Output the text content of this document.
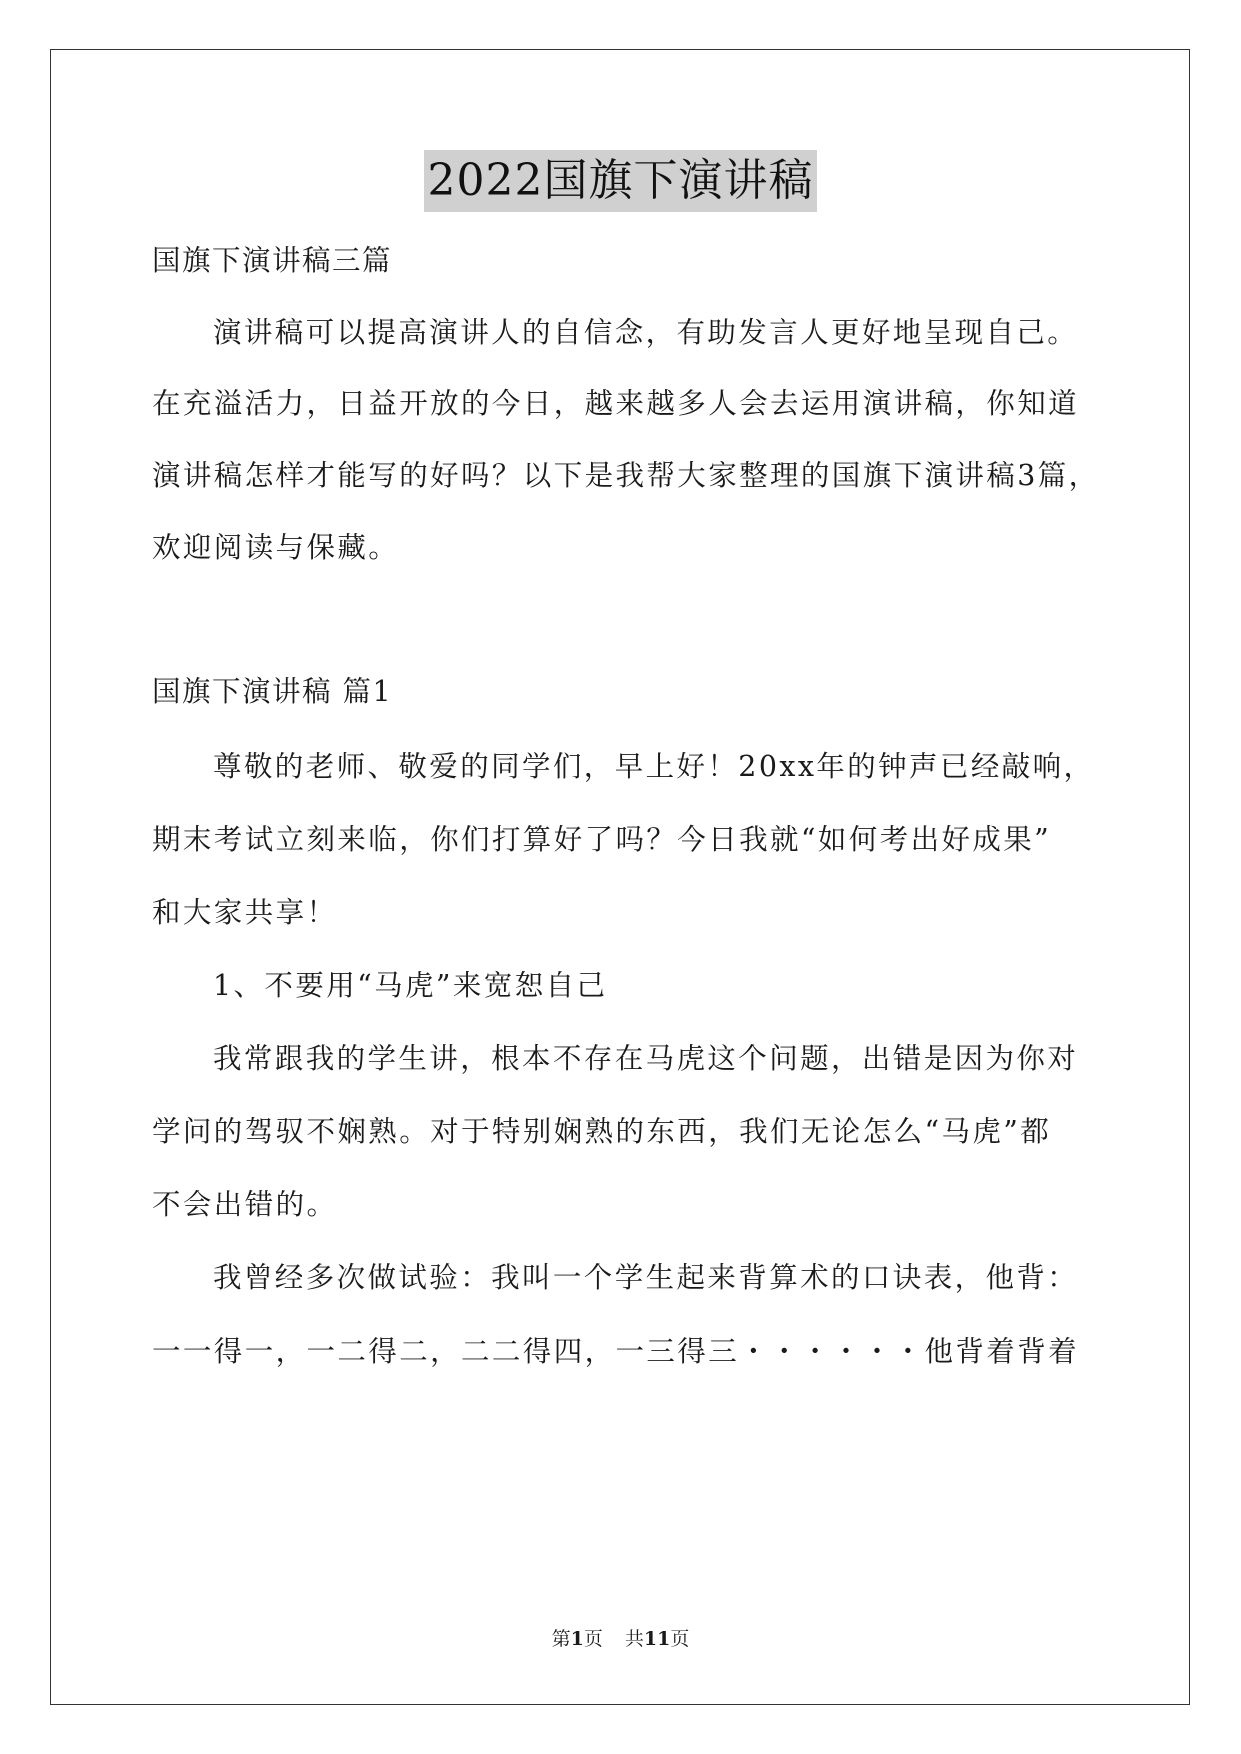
2022国旗下演讲稿
国旗下演讲稿三篇
演讲稿可以提高演讲人的自信念，有助发言人更好地呈现自己。
在充溢活力，日益开放的今日，越来越多人会去运用演讲稿，你知道
演讲稿怎样才能写的好吗？以下是我帮大家整理的国旗下演讲稿3篇，
欢迎阅读与保藏。
国旗下演讲稿 篇1
尊敬的老师、敬爱的同学们，早上好！20xx年的钟声已经敲响，
期末考试立刻来临，你们打算好了吗？今日我就“如何考出好成果”
和大家共享！
1、不要用“马虎”来宽恕自己
我常跟我的学生讲，根本不存在马虎这个问题，出错是因为你对
学问的驾驭不娴熟。对于特别娴熟的东西，我们无论怎么“马虎”都
不会出错的。
我曾经多次做试验：我叫一个学生起来背算术的口诀表，他背：
一一得一，一二得二，二二得四，一三得三・・・・・・他背着背着
第1页 共11页
